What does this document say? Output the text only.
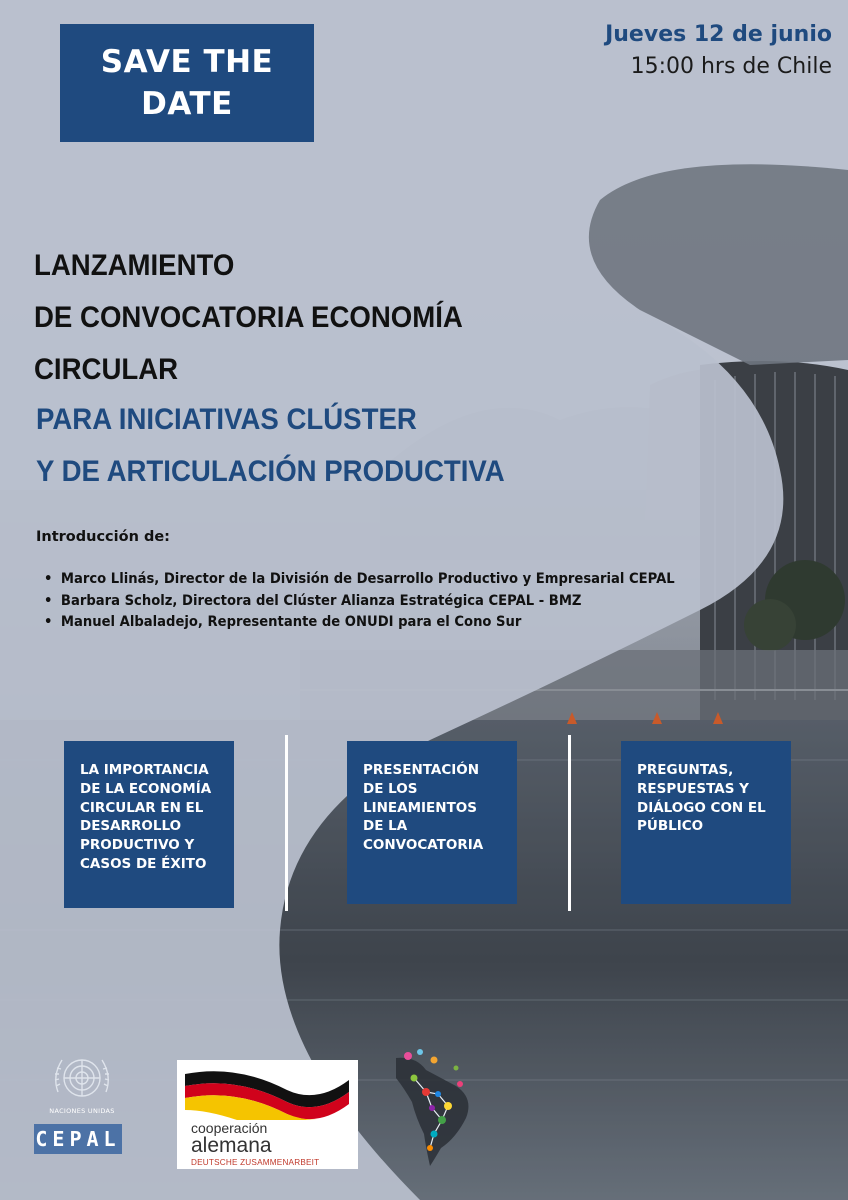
SAVE THE
DATE
Jueves 12 de junio
15:00 hrs de Chile
LANZAMIENTO
DE CONVOCATORIA ECONOMÍA
CIRCULAR
PARA INICIATIVAS CLÚSTER
Y DE ARTICULACIÓN PRODUCTIVA
Introducción de:
• Marco Llinás, Director de la División de Desarrollo Productivo y Empresarial CEPAL
• Barbara Scholz, Directora del Clúster Alianza Estratégica CEPAL - BMZ
• Manuel Albaladejo, Representante de ONUDI para el Cono Sur
LA IMPORTANCIA
DE LA ECONOMÍA
CIRCULAR EN EL
DESARROLLO
PRODUCTIVO Y
CASOS DE ÉXITO
PRESENTACIÓN
DE LOS
LINEAMIENTOS
DE LA
CONVOCATORIA
PREGUNTAS,
RESPUESTAS Y
DIÁLOGO CON EL
PÚBLICO
NACIONES UNIDAS
CEPAL	cooperación
alemana
DEUTSCHE ZUSAMMENARBEIT
